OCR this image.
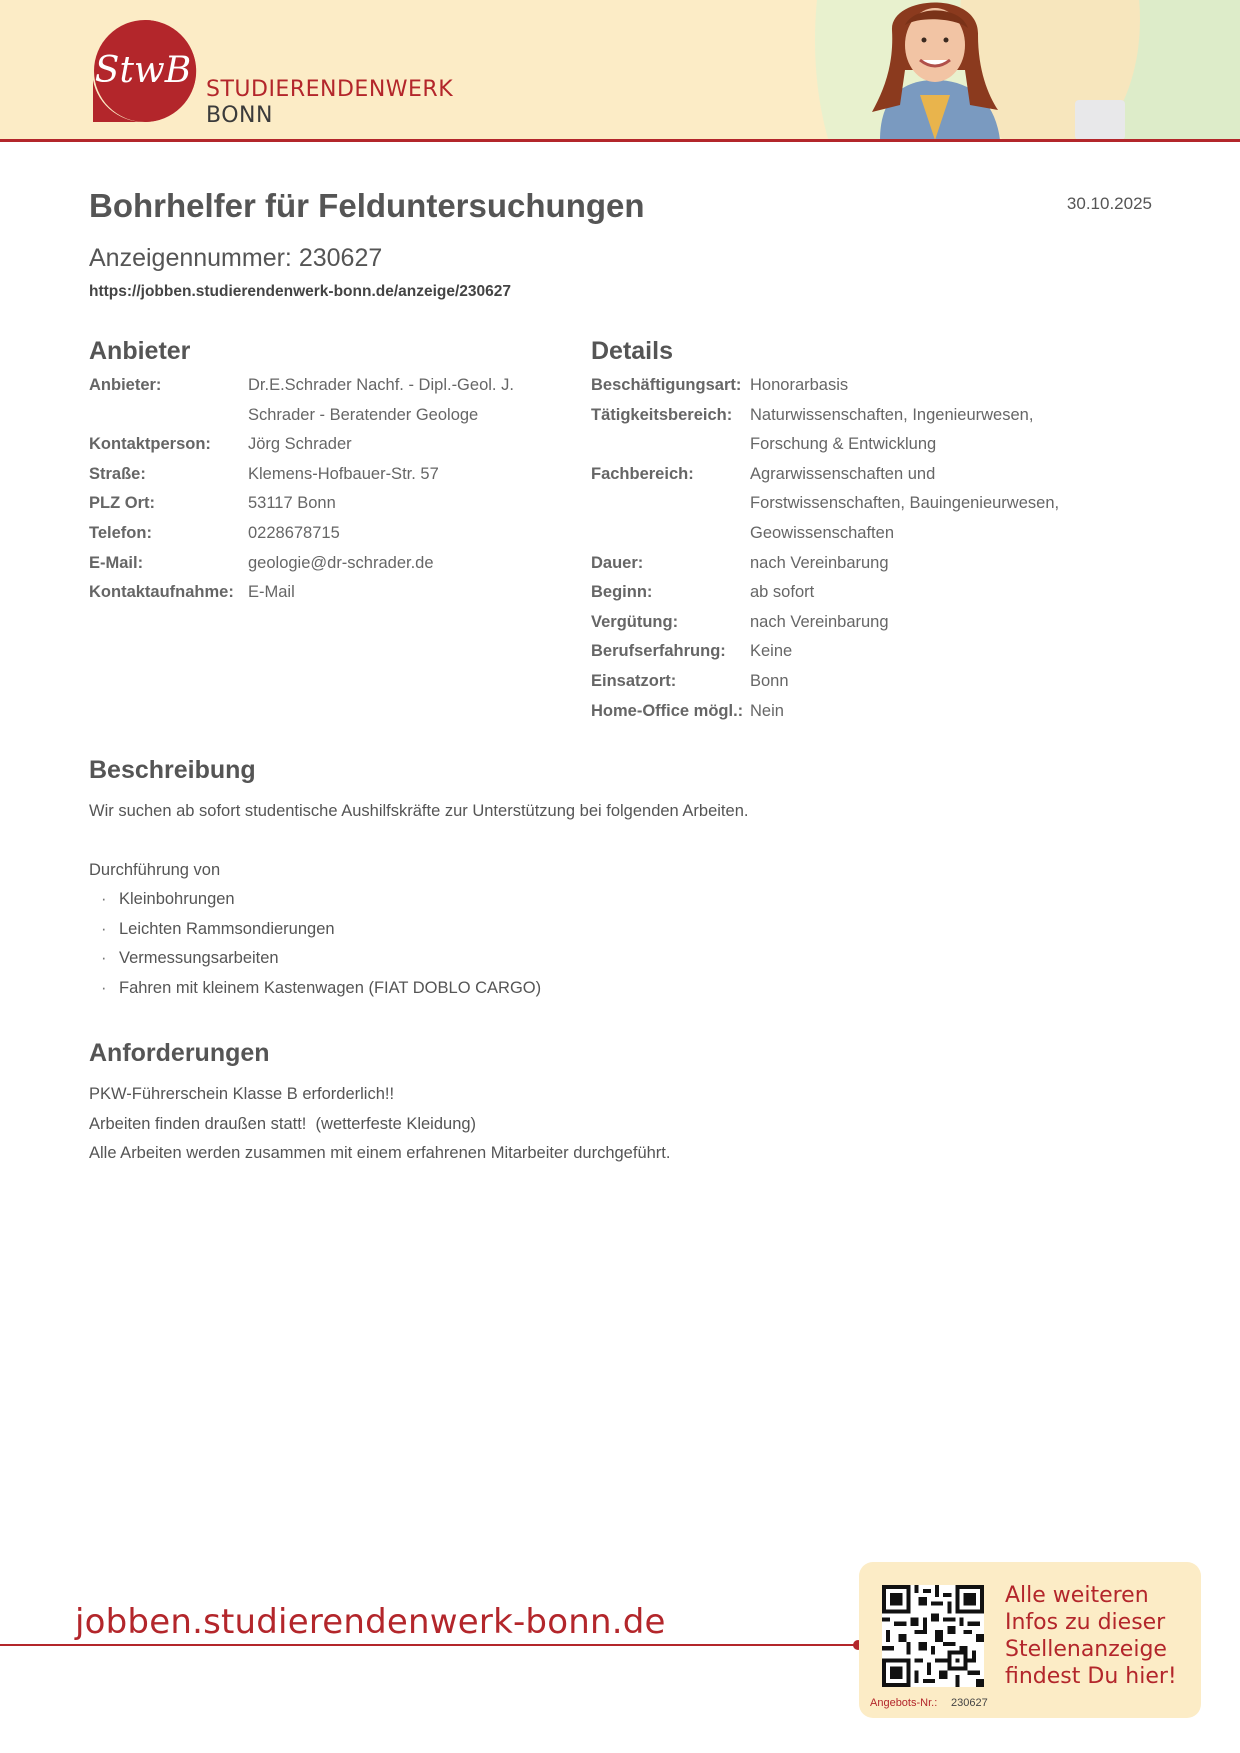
StwB STUDIERENDENWERK
BONN
30.10.2025
Bohrhelfer für Felduntersuchungen
Anzeigennummer: 230627
https://jobben.studierendenwerk-bonn.de/anzeige/230627
Anbieter
Anbieter:	Dr.E.Schrader Nachf. - Dipl.-Geol. J. Schrader - Beratender Geologe
Kontaktperson:	Jörg Schrader
Straße:	Klemens-Hofbauer-Str. 57
PLZ Ort:	53117 Bonn
Telefon:	0228678715
E-Mail:	geologie@dr-schrader.de
Kontaktaufnahme: E-Mail
Details
Beschäftigungsart: Honorarbasis
Tätigkeitsbereich:	Naturwissenschaften, Ingenieurwesen, Forschung & Entwicklung
Fachbereich:	Agrarwissenschaften und Forstwissenschaften, Bauingenieurwesen, Geowissenschaften
Dauer:	nach Vereinbarung
Beginn:	ab sofort
Vergütung:	nach Vereinbarung
Berufserfahrung:	Keine
Einsatzort:	Bonn
Home-Office mögl.: Nein
Beschreibung

Wir suchen ab sofort studentische Aushilfskräfte zur Unterstützung bei folgenden Arbeiten.

Durchführung von

· Kleinbohrungen
· Leichten Rammsondierungen
· Vermessungsarbeiten
· Fahren mit kleinem Kastenwagen (FIAT DOBLO CARGO)
Anforderungen
PKW-Führerschein Klasse B erforderlich!!
Arbeiten finden draußen statt!  (wetterfeste Kleidung)
Alle Arbeiten werden zusammen mit einem erfahrenen Mitarbeiter durchgeführt.
jobben.studierendenwerk-bonn.de
Alle weiteren Infos zu dieser Stellenanzeige findest Du hier!
Angebots-Nr.: 230627
